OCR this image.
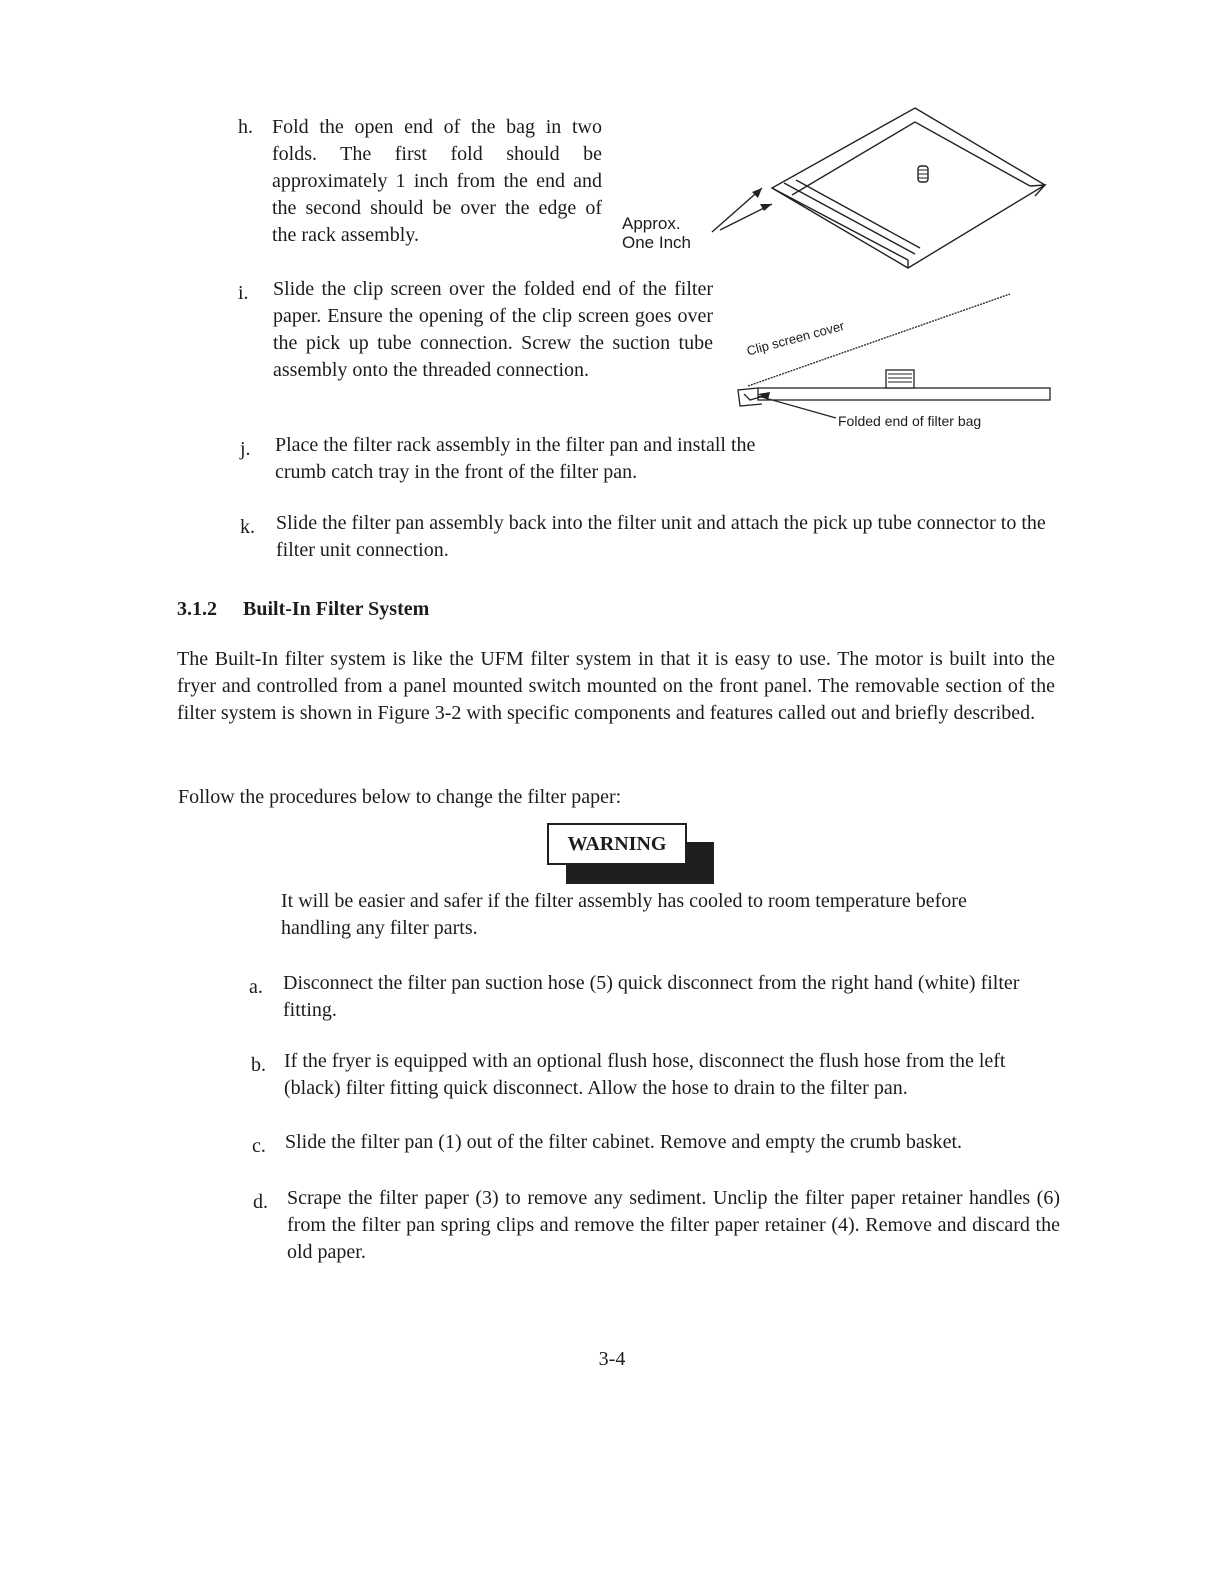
h. Fold the open end of the bag in two folds. The first fold should be approximately 1 inch from the end and the second should be over the edge of the rack assembly.
Approx.
One Inch
i. Slide the clip screen over the folded end of the filter paper. Ensure the opening of the clip screen goes over the pick up tube connection. Screw the suction tube assembly onto the threaded connection.
Clip screen cover
Folded end of filter bag
j. Place the filter rack assembly in the filter pan and install the crumb catch tray in the front of the filter pan.
k. Slide the filter pan assembly back into the filter unit and attach the pick up tube connector to the filter unit connection.
3.1.2 Built-In Filter System
The Built-In filter system is like the UFM filter system in that it is easy to use. The motor is built into the fryer and controlled from a panel mounted switch mounted on the front panel. The removable section of the filter system is shown in Figure 3-2 with specific components and features called out and briefly described.
Follow the procedures below to change the filter paper:
WARNING
It will be easier and safer if the filter assembly has cooled to room temperature before handling any filter parts.
a. Disconnect the filter pan suction hose (5) quick disconnect from the right hand (white) filter fitting.
b. If the fryer is equipped with an optional flush hose, disconnect the flush hose from the left (black) filter fitting quick disconnect. Allow the hose to drain to the filter pan.
c. Slide the filter pan (1) out of the filter cabinet. Remove and empty the crumb basket.
d. Scrape the filter paper (3) to remove any sediment. Unclip the filter paper retainer handles (6) from the filter pan spring clips and remove the filter paper retainer (4). Remove and discard the old paper.
3-4
